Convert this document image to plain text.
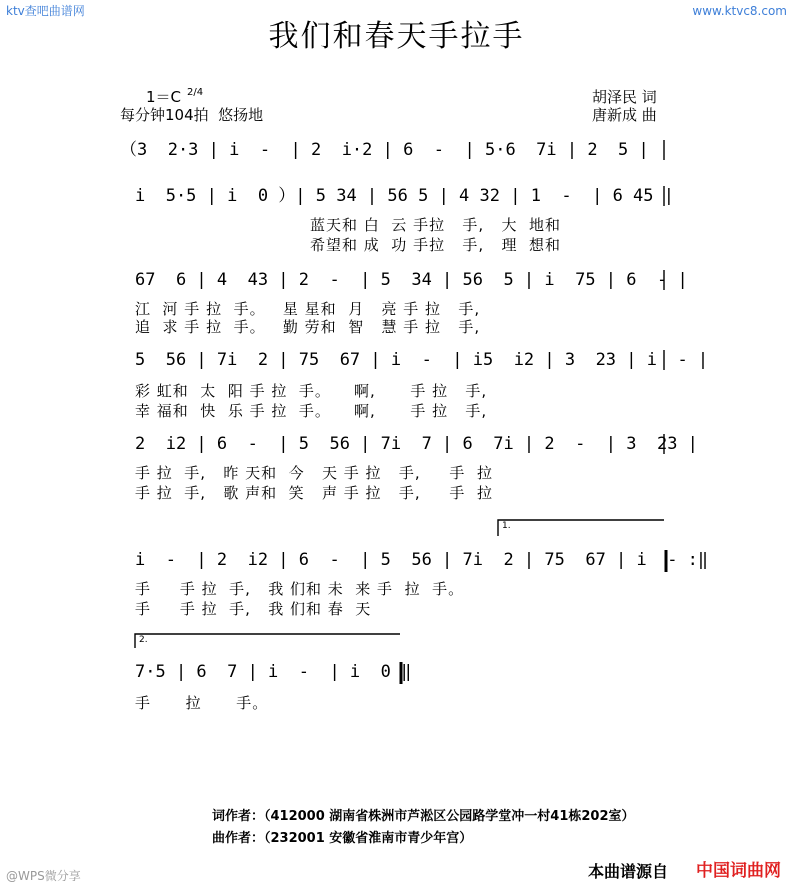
ktv查吧曲谱网	www.ktvc8.com
我们和春天手拉手
1＝C 2/4
每分钟104拍  悠扬地
胡泽民 词
唐新成 曲
1.
2.
（3  2·3 | i  -  | 2  i·2 | 6  -  | 5·6  7i | 2  5 |
i  5·5 | i  0 ）| 5 34 | 56 5 | 4 32 | 1  -  | 6 45 |
蓝天和 白  云 手拉   手,   大  地和
希望和 成  功 手拉   手,   理  想和
67  6 | 4  43 | 2  -  | 5  34 | 56  5 | i  75 | 6  - |
江  河 手 拉  手。   星 星和  月   亮 手 拉   手,
追  求 手 拉  手。   勤 劳和  智   慧 手 拉   手,
5  56 | 7i  2 | 75  67 | i  -  | i5  i2 | 3  23 | i  - |
彩 虹和  太  阳 手 拉  手。    啊,      手 拉   手,
幸 福和  快  乐 手 拉  手。    啊,      手 拉   手,
2  i2 | 6  -  | 5  56 | 7i  7 | 6  7i | 2  -  | 3  23 |
手 拉  手,   昨 天和  今   天 手 拉   手,     手  拉
手 拉  手,   歌 声和  笑   声 手 拉   手,     手  拉
i  -  | 2  i2 | 6  -  | 5  56 | 7i  2 | 75  67 | i  - :‖
手     手 拉  手,   我 们和 未  来 手  拉  手。
手     手 拉  手,   我 们和 春  天
7·5 | 6  7 | i  -  | i  0 ‖
手      拉      手。
词作者：（412000 湖南省株洲市芦淞区公园路学堂冲一村41栋202室）
曲作者：（232001 安徽省淮南市青少年宫）
@WPS微分享	本曲谱源自 中国词曲网
